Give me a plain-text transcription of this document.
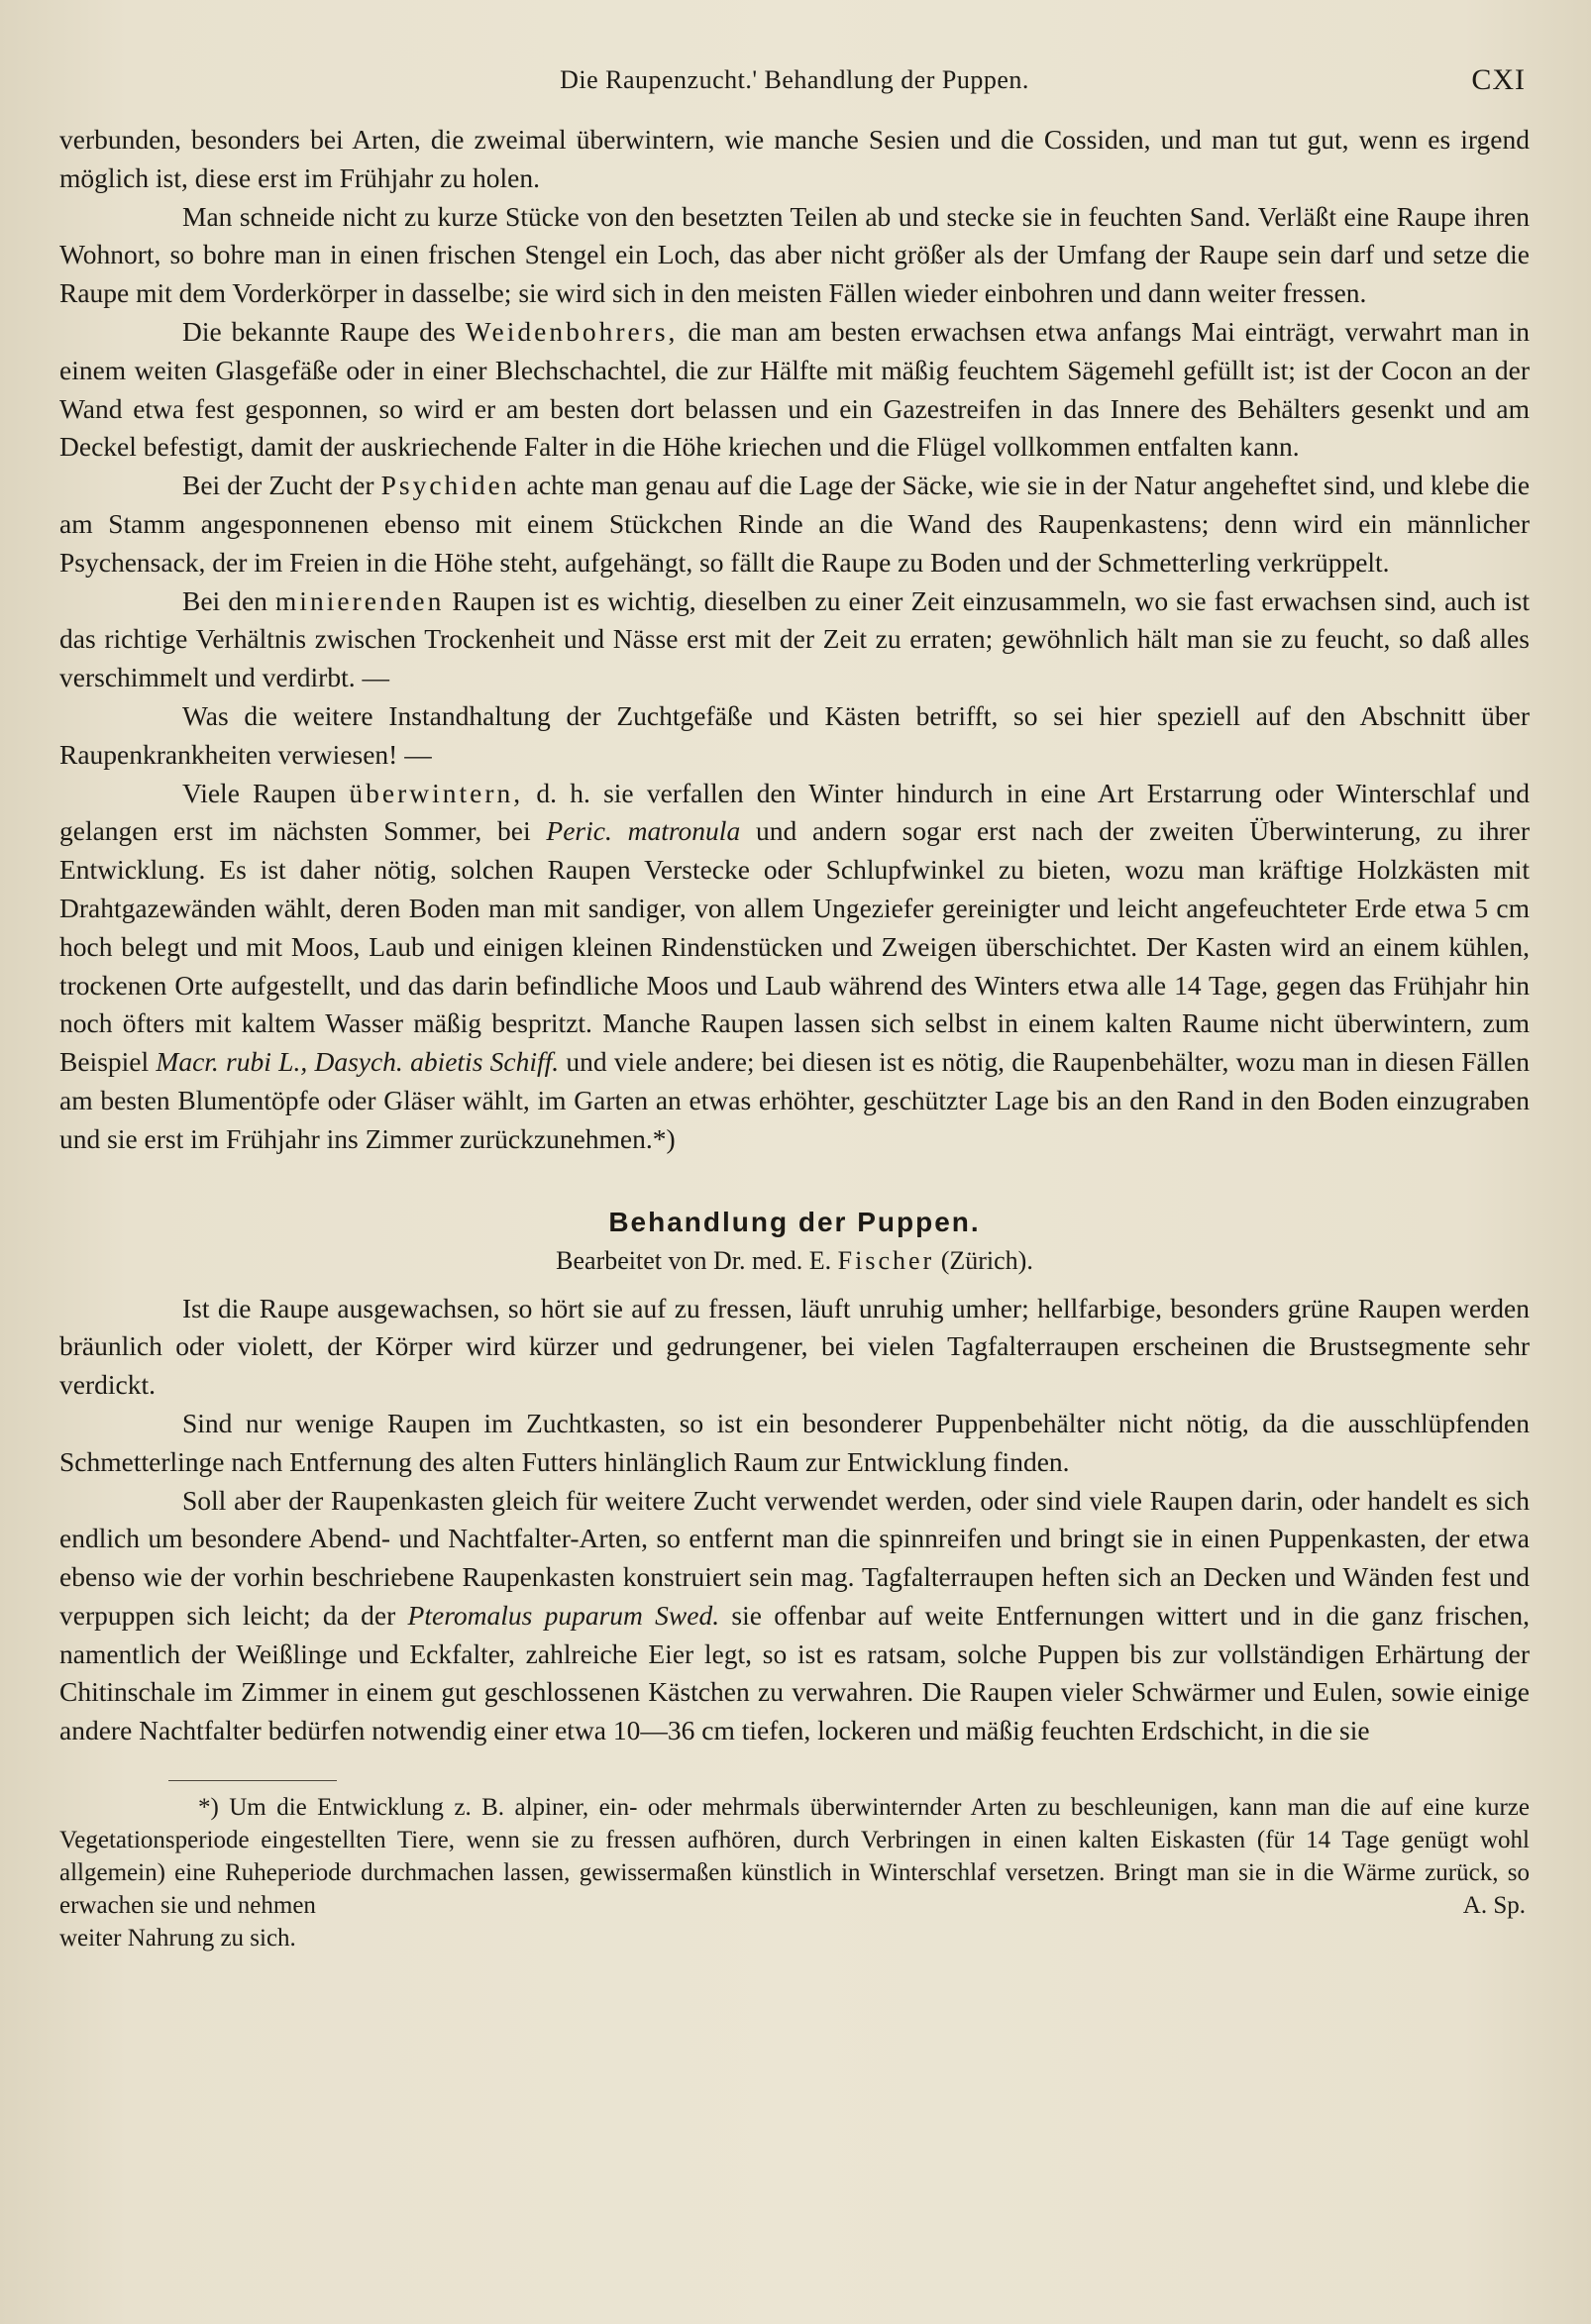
Die Raupenzucht.' Behandlung der Puppen.	CXI

verbunden, besonders bei Arten, die zweimal überwintern, wie manche Sesien und die Cossiden, und man tut gut, wenn es irgend möglich ist, diese erst im Frühjahr zu holen.

Man schneide nicht zu kurze Stücke von den besetzten Teilen ab und stecke sie in feuchten Sand. Verläßt eine Raupe ihren Wohnort, so bohre man in einen frischen Stengel ein Loch, das aber nicht größer als der Umfang der Raupe sein darf und setze die Raupe mit dem Vorderkörper in dasselbe; sie wird sich in den meisten Fällen wieder einbohren und dann weiter fressen.

Die bekannte Raupe des Weidenbohrers, die man am besten erwachsen etwa anfangs Mai einträgt, verwahrt man in einem weiten Glasgefäße oder in einer Blechschachtel, die zur Hälfte mit mäßig feuchtem Sägemehl gefüllt ist; ist der Cocon an der Wand etwa fest gesponnen, so wird er am besten dort belassen und ein Gazestreifen in das Innere des Behälters gesenkt und am Deckel befestigt, damit der auskriechende Falter in die Höhe kriechen und die Flügel vollkommen entfalten kann.

Bei der Zucht der Psychiden achte man genau auf die Lage der Säcke, wie sie in der Natur angeheftet sind, und klebe die am Stamm angesponnenen ebenso mit einem Stückchen Rinde an die Wand des Raupenkastens; denn wird ein männlicher Psychensack, der im Freien in die Höhe steht, aufgehängt, so fällt die Raupe zu Boden und der Schmetterling verkrüppelt.

Bei den minierenden Raupen ist es wichtig, dieselben zu einer Zeit einzusammeln, wo sie fast erwachsen sind, auch ist das richtige Verhältnis zwischen Trockenheit und Nässe erst mit der Zeit zu erraten; gewöhnlich hält man sie zu feucht, so daß alles verschimmelt und verdirbt. —

Was die weitere Instandhaltung der Zuchtgefäße und Kästen betrifft, so sei hier speziell auf den Abschnitt über Raupenkrankheiten verwiesen! —

Viele Raupen überwintern, d. h. sie verfallen den Winter hindurch in eine Art Erstarrung oder Winterschlaf und gelangen erst im nächsten Sommer, bei Peric. matronula und andern sogar erst nach der zweiten Überwinterung, zu ihrer Entwicklung. Es ist daher nötig, solchen Raupen Verstecke oder Schlupfwinkel zu bieten, wozu man kräftige Holzkästen mit Drahtgazewänden wählt, deren Boden man mit sandiger, von allem Ungeziefer gereinigter und leicht angefeuchteter Erde etwa 5 cm hoch belegt und mit Moos, Laub und einigen kleinen Rindenstücken und Zweigen überschichtet. Der Kasten wird an einem kühlen, trockenen Orte aufgestellt, und das darin befindliche Moos und Laub während des Winters etwa alle 14 Tage, gegen das Frühjahr hin noch öfters mit kaltem Wasser mäßig bespritzt. Manche Raupen lassen sich selbst in einem kalten Raume nicht überwintern, zum Beispiel Macr. rubi L., Dasych. abietis Schiff. und viele andere; bei diesen ist es nötig, die Raupenbehälter, wozu man in diesen Fällen am besten Blumentöpfe oder Gläser wählt, im Garten an etwas erhöhter, geschützter Lage bis an den Rand in den Boden einzugraben und sie erst im Frühjahr ins Zimmer zurückzunehmen.*)

Behandlung der Puppen.
Bearbeitet von Dr. med. E. Fischer (Zürich).

Ist die Raupe ausgewachsen, so hört sie auf zu fressen, läuft unruhig umher; hellfarbige, besonders grüne Raupen werden bräunlich oder violett, der Körper wird kürzer und gedrungener, bei vielen Tagfalterraupen erscheinen die Brustsegmente sehr verdickt.

Sind nur wenige Raupen im Zuchtkasten, so ist ein besonderer Puppenbehälter nicht nötig, da die ausschlüpfenden Schmetterlinge nach Entfernung des alten Futters hinlänglich Raum zur Entwicklung finden.

Soll aber der Raupenkasten gleich für weitere Zucht verwendet werden, oder sind viele Raupen darin, oder handelt es sich endlich um besondere Abend- und Nachtfalter-Arten, so entfernt man die spinnreifen und bringt sie in einen Puppenkasten, der etwa ebenso wie der vorhin beschriebene Raupenkasten konstruiert sein mag. Tagfalterraupen heften sich an Decken und Wänden fest und verpuppen sich leicht; da der Pteromalus puparum Swed. sie offenbar auf weite Entfernungen wittert und in die ganz frischen, namentlich der Weißlinge und Eckfalter, zahlreiche Eier legt, so ist es ratsam, solche Puppen bis zur vollständigen Erhärtung der Chitinschale im Zimmer in einem gut geschlossenen Kästchen zu verwahren. Die Raupen vieler Schwärmer und Eulen, sowie einige andere Nachtfalter bedürfen notwendig einer etwa 10—36 cm tiefen, lockeren und mäßig feuchten Erdschicht, in die sie

*) Um die Entwicklung z. B. alpiner, ein- oder mehrmals überwinternder Arten zu beschleunigen, kann man die auf eine kurze Vegetationsperiode eingestellten Tiere, wenn sie zu fressen aufhören, durch Verbringen in einen kalten Eiskasten (für 14 Tage genügt wohl allgemein) eine Ruheperiode durchmachen lassen, gewissermaßen künstlich in Winterschlaf versetzen. Bringt man sie in die Wärme zurück, so erwachen sie und nehmen

weiter Nahrung zu sich.
A. Sp.
